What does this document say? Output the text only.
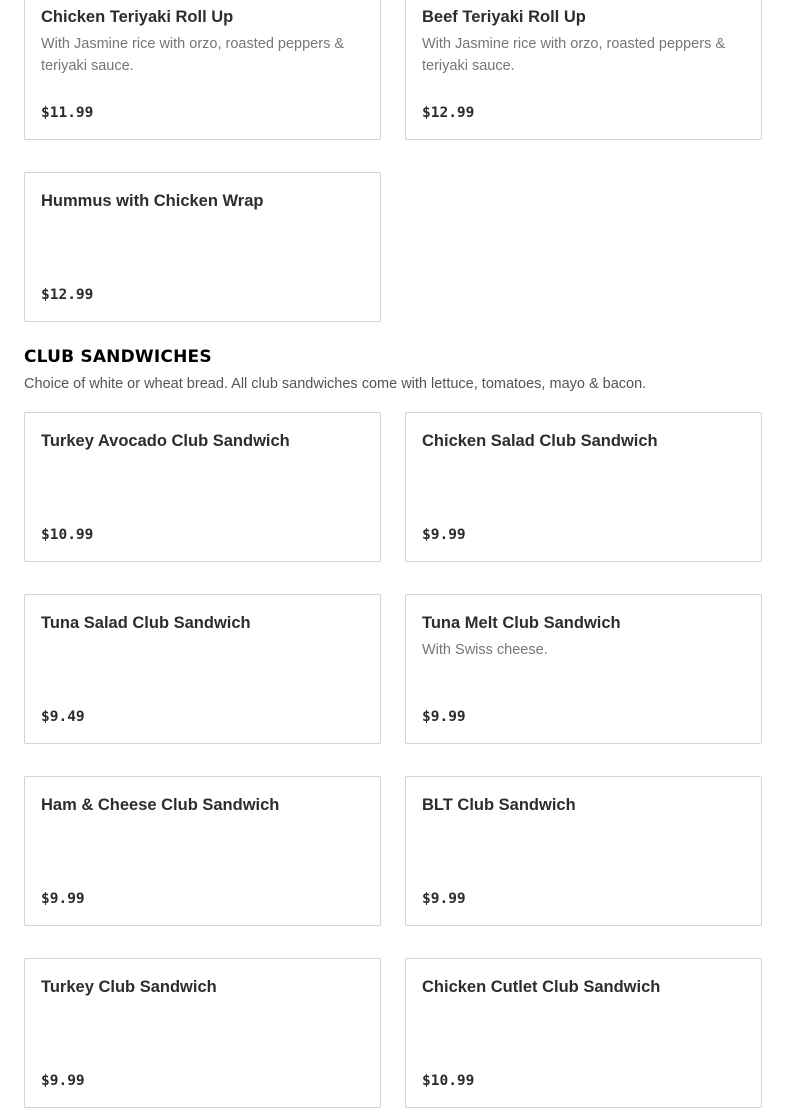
Chicken Teriyaki Roll Up
With Jasmine rice with orzo, roasted peppers & teriyaki sauce.
$11.99
Beef Teriyaki Roll Up
With Jasmine rice with orzo, roasted peppers & teriyaki sauce.
$12.99
Hummus with Chicken Wrap
$12.99
CLUB SANDWICHES
Choice of white or wheat bread. All club sandwiches come with lettuce, tomatoes, mayo & bacon.
Turkey Avocado Club Sandwich
$10.99
Chicken Salad Club Sandwich
$9.99
Tuna Salad Club Sandwich
$9.49
Tuna Melt Club Sandwich
With Swiss cheese.
$9.99
Ham & Cheese Club Sandwich
$9.99
BLT Club Sandwich
$9.99
Turkey Club Sandwich
$9.99
Chicken Cutlet Club Sandwich
$10.99
